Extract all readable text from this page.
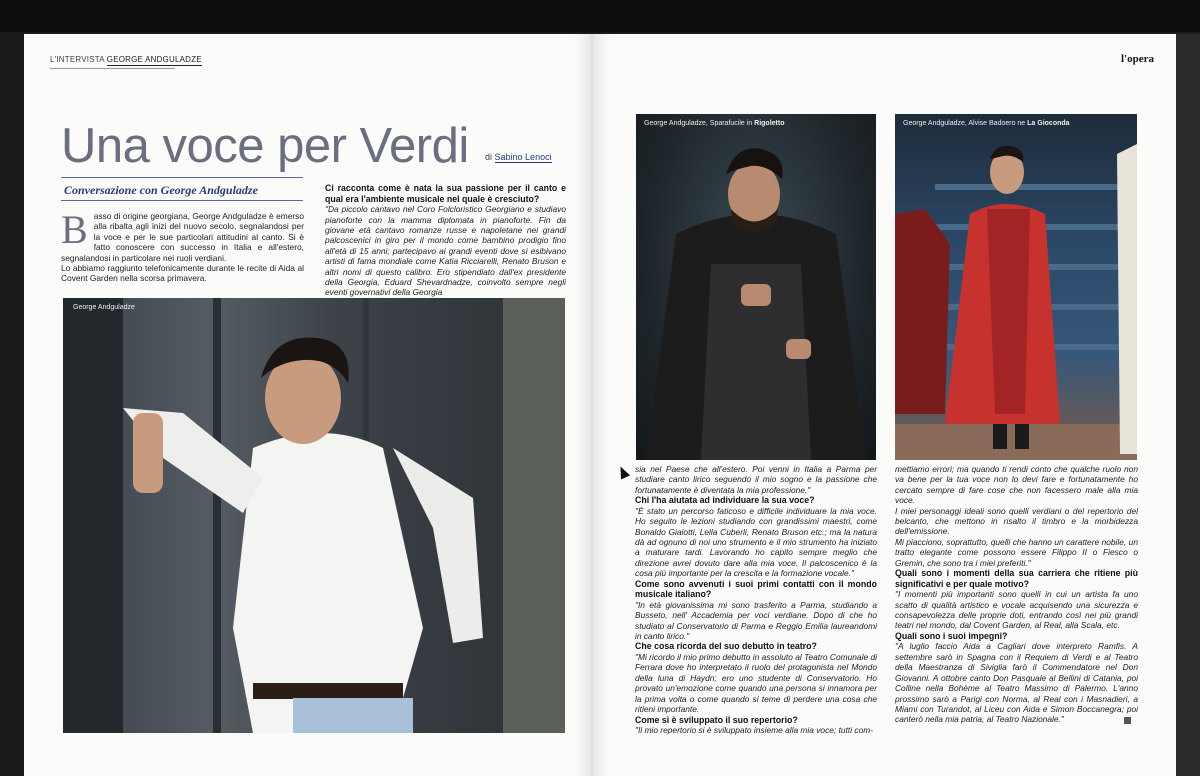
L'INTERVISTA GEORGE ANDGULADZE	l'opera
Una voce per Verdi di Sabino Lenoci
Conversazione con George Andguladze
B asso di origine georgiana, George Andguladze è emerso alla ribalta agli inizi del nuovo secolo, segnalandosi per la voce e per le sue particolari attitudini al canto. Si è fatto conoscere con successo in Italia e all'estero, segnalandosi in particolare nei ruoli verdiani.

Lo abbiamo raggiunto telefonicamente durante le recite di Aida al Covent Garden nella scorsa primavera.

Ci racconta come è nata la sua passione per il canto e qual era l'ambiente musicale nel quale è cresciuto?
"Da piccolo cantavo nel Coro Folcloristico Georgiano e studiavo pianoforte con la mamma diplomata in pianoforte. Fin da giovane età cantavo romanze russe e napoletane nei grandi palcoscenici in giro per il mondo come bambino prodigio fino all'età di 15 anni; partecipavo ai grandi eventi dove si esibivano artisti di fama mondiale come Katia Ricciarelli, Renato Bruson e altri nomi di questo calibro. Ero stipendiato dall'ex presidente della Georgia, Eduard Shevardnadze, coinvolto sempre negli eventi governativi della Georgia
George Andguladze
George Andguladze, Sparafucile in Rigoletto	George Andguladze, Alvise Badoero ne La Gioconda
sia nel Paese che all'estero. Poi venni in Italia a Parma per studiare canto lirico seguendo il mio sogno e la passione che fortunatamente è diventata la mia professione."
Chi l'ha aiutata ad individuare la sua voce?
"È stato un percorso faticoso e difficile individuare la mia voce. Ho seguito le lezioni studiando con grandissimi maestri, come Bonaldo Giaiotti, Lella Cuberli, Renato Bruson etc.; ma la natura dà ad ognuno di noi uno strumento e il mio strumento ha iniziato a maturare tardi. Lavorando ho capito sempre meglio che direzione avrei dovuto dare alla mia voce. Il palcoscenico è la cosa più importante per la crescita e la formazione vocale."
Come sono avvenuti i suoi primi contatti con il mondo musicale italiano?
"In età giovanissima mi sono trasferito a Parma, studiando a Busseto, nell' Accademia per voci verdiane. Dopo di che ho studiato al Conservatorio di Parma e Reggio Emilia laureandomi in canto lirico."
Che cosa ricorda del suo debutto in teatro?
"Mi ricordo il mio primo debutto in assoluto al Teatro Comunale di Ferrara dove ho interpretato il ruolo del protagonista nel Mondo della luna di Haydn; ero uno studente di Conservatorio. Ho provato un'emozione come quando una persona si innamora per la prima volta o come quando si teme di perdere una cosa che ritieni importante.
Come si è sviluppato il suo repertorio?
"Il mio repertorio si è sviluppato insieme alla mia voce; tutti com-
mettiamo errori; ma quando ti rendi conto che qualche ruolo non va bene per la tua voce non lo devi fare e fortunatamente ho cercato sempre di fare cose che non facessero male alla mia voce.
I miei personaggi ideali sono quelli verdiani o del repertorio del belcanto, che mettono in risalto il timbro e la morbidezza dell'emissione.
Mi piacciono, soprattutto, quelli che hanno un carattere nobile, un tratto elegante come possono essere Filippo II o Fiesco o Gremin, che sono tra i miei preferiti."
Quali sono i momenti della sua carriera che ritiene più significativi e per quale motivo?
"I momenti più importanti sono quelli in cui un artista fa uno scatto di qualità artistico e vocale acquisendo una sicurezza e consapevolezza delle proprie doti, entrando così nei più grandi teatri nel mondo, dal Covent Garden, al Real, alla Scala, etc.
Quali sono i suoi impegni?
"A luglio faccio Aida a Cagliari dove interpreto Ramfis. A settembre sarò in Spagna con il Requiem di Verdi e al Teatro della Maestranza di Siviglia farò il Commendatore nel Don Giovanni. A ottobre canto Don Pasquale al Bellini di Catania, poi Colline nella Bohème al Teatro Massimo di Palermo. L'anno prossimo sarò a Parigi con Norma, al Real con i Masnadieri, a Miami con Turandot, al Liceu con Aida e Simon Boccanegra; poi canterò nella mia patria, al Teatro Nazionale."
